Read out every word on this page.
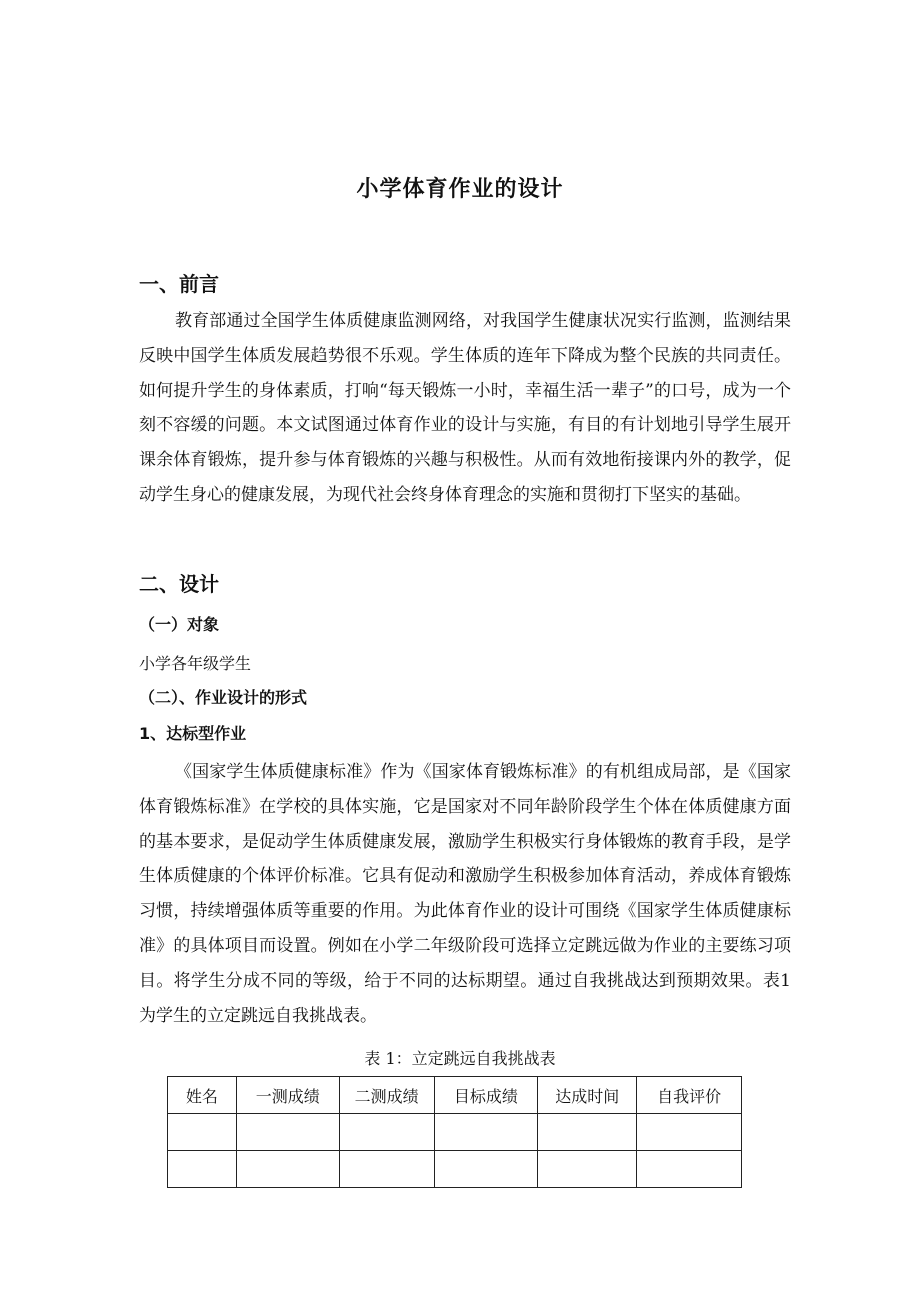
小学体育作业的设计
一、前言

教育部通过全国学生体质健康监测网络，对我国学生健康状况实行监测，监测结果反映中国学生体质发展趋势很不乐观。学生体质的连年下降成为整个民族的共同责任。如何提升学生的身体素质，打响“每天锻炼一小时，幸福生活一辈子”的口号，成为一个刻不容缓的问题。本文试图通过体育作业的设计与实施，有目的有计划地引导学生展开课余体育锻炼，提升参与体育锻炼的兴趣与积极性。从而有效地衔接课内外的教学，促动学生身心的健康发展，为现代社会终身体育理念的实施和贯彻打下坚实的基础。

二、设计
（一）对象
小学各年级学生
（二）、作业设计的形式
1、达标型作业

《国家学生体质健康标准》作为《国家体育锻炼标准》的有机组成局部，是《国家体育锻炼标准》在学校的具体实施，它是国家对不同年龄阶段学生个体在体质健康方面的基本要求，是促动学生体质健康发展，激励学生积极实行身体锻炼的教育手段，是学生体质健康的个体评价标准。它具有促动和激励学生积极参加体育活动，养成体育锻炼习惯，持续增强体质等重要的作用。为此体育作业的设计可围绕《国家学生体质健康标准》的具体项目而设置。例如在小学二年级阶段可选择立定跳远做为作业的主要练习项目。将学生分成不同的等级，给于不同的达标期望。通过自我挑战达到预期效果。表1为学生的立定跳远自我挑战表。

表 1：立定跳远自我挑战表
姓名	一测成绩	二测成绩	目标成绩	达成时间	自我评价
